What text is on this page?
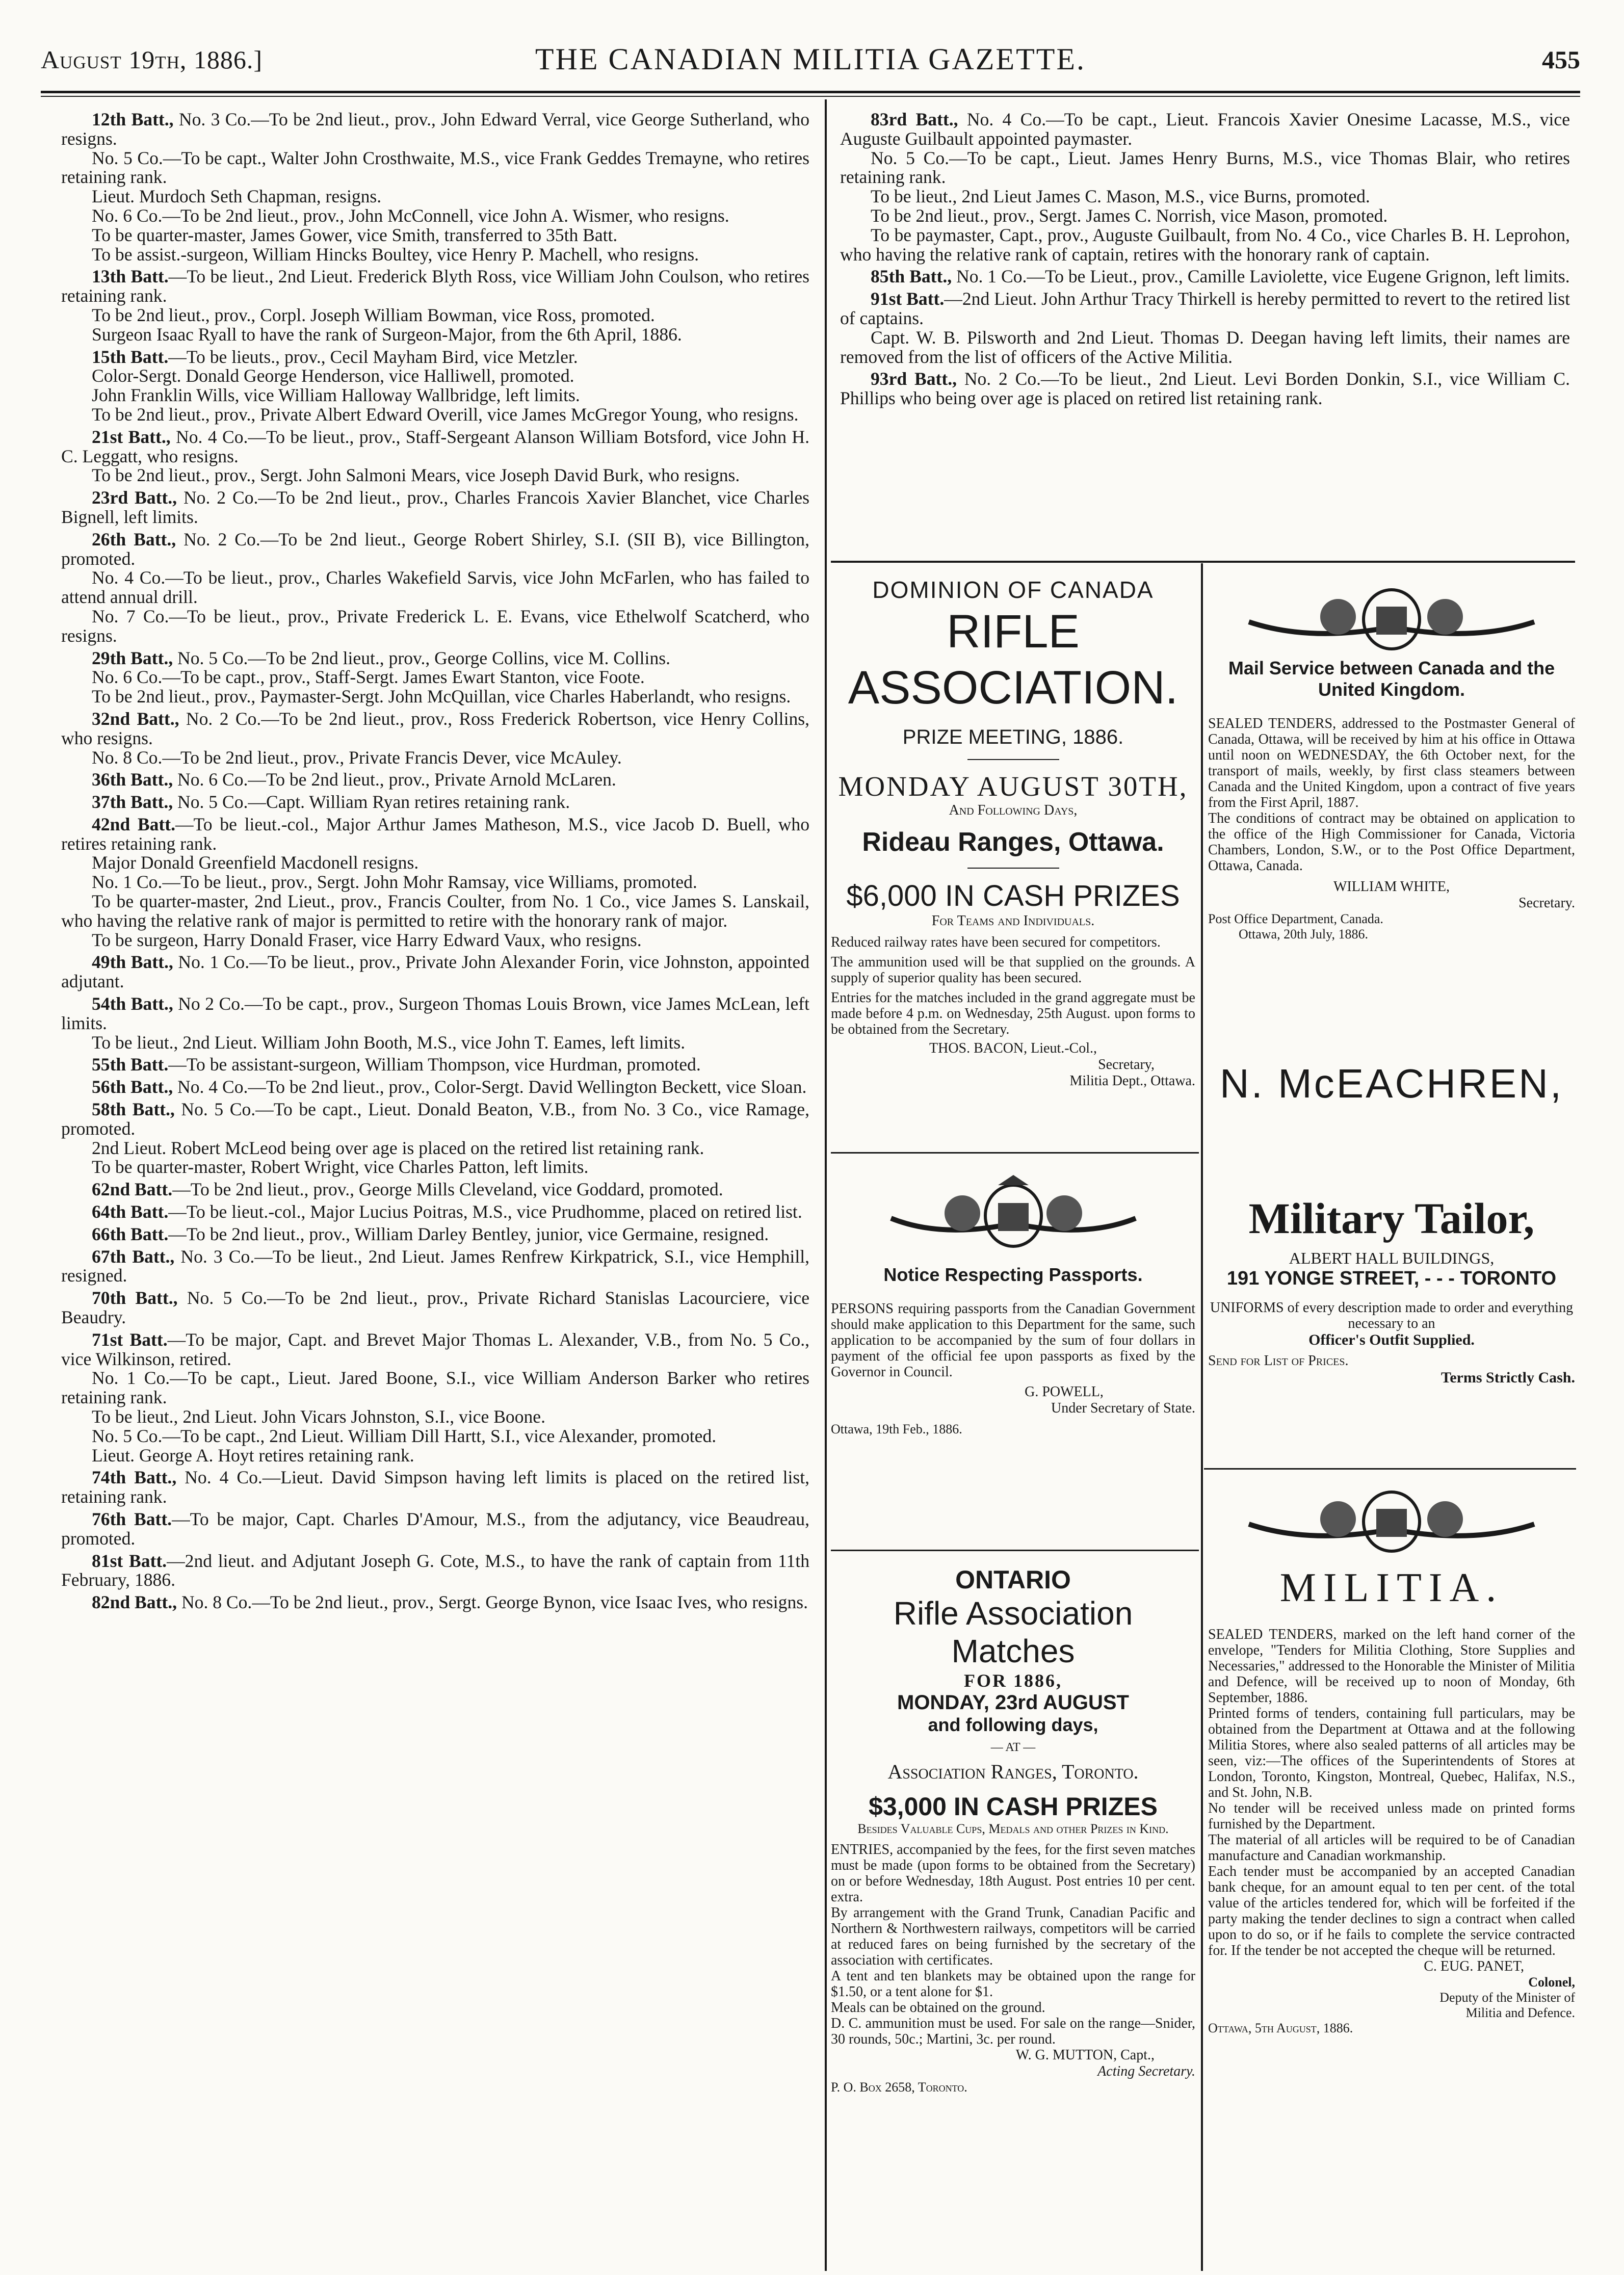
August 19th, 1886.]	THE CANADIAN MILITIA GAZETTE.	455

12th Batt., No. 3 Co.—To be 2nd lieut., prov., John Edward Verral, vice George Sutherland, who resigns.

No. 5 Co.—To be capt., Walter John Crosthwaite, M.S., vice Frank Geddes Tremayne, who retires retaining rank.

Lieut. Murdoch Seth Chapman, resigns.

No. 6 Co.—To be 2nd lieut., prov., John McConnell, vice John A. Wismer, who resigns.

To be quarter-master, James Gower, vice Smith, transferred to 35th Batt.

To be assist.-surgeon, William Hincks Boultey, vice Henry P. Machell, who resigns.

13th Batt.—To be lieut., 2nd Lieut. Frederick Blyth Ross, vice William John Coulson, who retires retaining rank.

To be 2nd lieut., prov., Corpl. Joseph William Bowman, vice Ross, promoted.

Surgeon Isaac Ryall to have the rank of Surgeon-Major, from the 6th April, 1886.

15th Batt.—To be lieuts., prov., Cecil Mayham Bird, vice Metzler.

Color-Sergt. Donald George Henderson, vice Halliwell, promoted.

John Franklin Wills, vice William Halloway Wallbridge, left limits.

To be 2nd lieut., prov., Private Albert Edward Overill, vice James McGregor Young, who resigns.

21st Batt., No. 4 Co.—To be lieut., prov., Staff-Sergeant Alanson William Botsford, vice John H. C. Leggatt, who resigns.

To be 2nd lieut., prov., Sergt. John Salmoni Mears, vice Joseph David Burk, who resigns.

23rd Batt., No. 2 Co.—To be 2nd lieut., prov., Charles Francois Xavier Blanchet, vice Charles Bignell, left limits.

26th Batt., No. 2 Co.—To be 2nd lieut., George Robert Shirley, S.I. (SII B), vice Billington, promoted.

No. 4 Co.—To be lieut., prov., Charles Wakefield Sarvis, vice John McFarlen, who has failed to attend annual drill.

No. 7 Co.—To be lieut., prov., Private Frederick L. E. Evans, vice Ethelwolf Scatcherd, who resigns.

29th Batt., No. 5 Co.—To be 2nd lieut., prov., George Collins, vice M. Collins.

No. 6 Co.—To be capt., prov., Staff-Sergt. James Ewart Stanton, vice Foote.

To be 2nd lieut., prov., Paymaster-Sergt. John McQuillan, vice Charles Haberlandt, who resigns.

32nd Batt., No. 2 Co.—To be 2nd lieut., prov., Ross Frederick Robertson, vice Henry Collins, who resigns.

No. 8 Co.—To be 2nd lieut., prov., Private Francis Dever, vice McAuley.

36th Batt., No. 6 Co.—To be 2nd lieut., prov., Private Arnold McLaren.

37th Batt., No. 5 Co.—Capt. William Ryan retires retaining rank.

42nd Batt.—To be lieut.-col., Major Arthur James Matheson, M.S., vice Jacob D. Buell, who retires retaining rank.

Major Donald Greenfield Macdonell resigns.

No. 1 Co.—To be lieut., prov., Sergt. John Mohr Ramsay, vice Williams, promoted.

To be quarter-master, 2nd Lieut., prov., Francis Coulter, from No. 1 Co., vice James S. Lanskail, who having the relative rank of major is permitted to retire with the honorary rank of major.

To be surgeon, Harry Donald Fraser, vice Harry Edward Vaux, who resigns.

49th Batt., No. 1 Co.—To be lieut., prov., Private John Alexander Forin, vice Johnston, appointed adjutant.

54th Batt., No 2 Co.—To be capt., prov., Surgeon Thomas Louis Brown, vice James McLean, left limits.

To be lieut., 2nd Lieut. William John Booth, M.S., vice John T. Eames, left limits.

55th Batt.—To be assistant-surgeon, William Thompson, vice Hurdman, promoted.

56th Batt., No. 4 Co.—To be 2nd lieut., prov., Color-Sergt. David Wellington Beckett, vice Sloan.

58th Batt., No. 5 Co.—To be capt., Lieut. Donald Beaton, V.B., from No. 3 Co., vice Ramage, promoted.

2nd Lieut. Robert McLeod being over age is placed on the retired list retaining rank.

To be quarter-master, Robert Wright, vice Charles Patton, left limits.

62nd Batt.—To be 2nd lieut., prov., George Mills Cleveland, vice Goddard, promoted.

64th Batt.—To be lieut.-col., Major Lucius Poitras, M.S., vice Prudhomme, placed on retired list.

66th Batt.—To be 2nd lieut., prov., William Darley Bentley, junior, vice Germaine, resigned.

67th Batt., No. 3 Co.—To be lieut., 2nd Lieut. James Renfrew Kirkpatrick, S.I., vice Hemphill, resigned.

70th Batt., No. 5 Co.—To be 2nd lieut., prov., Private Richard Stanislas Lacourciere, vice Beaudry.

71st Batt.—To be major, Capt. and Brevet Major Thomas L. Alexander, V.B., from No. 5 Co., vice Wilkinson, retired.

No. 1 Co.—To be capt., Lieut. Jared Boone, S.I., vice William Anderson Barker who retires retaining rank.

To be lieut., 2nd Lieut. John Vicars Johnston, S.I., vice Boone.

No. 5 Co.—To be capt., 2nd Lieut. William Dill Hartt, S.I., vice Alexander, promoted.

Lieut. George A. Hoyt retires retaining rank.

74th Batt., No. 4 Co.—Lieut. David Simpson having left limits is placed on the retired list, retaining rank.

76th Batt.—To be major, Capt. Charles D'Amour, M.S., from the adjutancy, vice Beaudreau, promoted.

81st Batt.—2nd lieut. and Adjutant Joseph G. Cote, M.S., to have the rank of captain from 11th February, 1886.

82nd Batt., No. 8 Co.—To be 2nd lieut., prov., Sergt. George Bynon, vice Isaac Ives, who resigns.

83rd Batt., No. 4 Co.—To be capt., Lieut. Francois Xavier Onesime Lacasse, M.S., vice Auguste Guilbault appointed paymaster.

No. 5 Co.—To be capt., Lieut. James Henry Burns, M.S., vice Thomas Blair, who retires retaining rank.

To be lieut., 2nd Lieut James C. Mason, M.S., vice Burns, promoted.

To be 2nd lieut., prov., Sergt. James C. Norrish, vice Mason, promoted.

To be paymaster, Capt., prov., Auguste Guilbault, from No. 4 Co., vice Charles B. H. Leprohon, who having the relative rank of captain, retires with the honorary rank of captain.

85th Batt., No. 1 Co.—To be Lieut., prov., Camille Laviolette, vice Eugene Grignon, left limits.

91st Batt.—2nd Lieut. John Arthur Tracy Thirkell is hereby permitted to revert to the retired list of captains.

Capt. W. B. Pilsworth and 2nd Lieut. Thomas D. Deegan having left limits, their names are removed from the list of officers of the Active Militia.

93rd Batt., No. 2 Co.—To be lieut., 2nd Lieut. Levi Borden Donkin, S.I., vice William C. Phillips who being over age is placed on retired list retaining rank.

DOMINION OF CANADA
RIFLE ASSOCIATION.
PRIZE MEETING, 1886.
MONDAY AUGUST 30TH,
And Following Days,
Rideau Ranges, Ottawa.
$6,000 IN CASH PRIZES
For Teams and Individuals.
Reduced railway rates have been secured for competitors.
The ammunition used will be that supplied on the grounds. A supply of superior quality has been secured.
Entries for the matches included in the grand aggregate must be made before 4 p.m. on Wednesday, 25th August. upon forms to be obtained from the Secretary.
THOS. BACON, Lieut.-Col.,
Secretary,
Militia Dept., Ottawa.
Notice Respecting Passports.
PERSONS requiring passports from the Canadian Government should make application to this Department for the same, such application to be accompanied by the sum of four dollars in payment of the official fee upon passports as fixed by the Governor in Council.
G. POWELL,
Under Secretary of State.
Ottawa, 19th Feb., 1886.
ONTARIO
Rifle Association Matches
FOR 1886,
MONDAY, 23rd AUGUST
and following days,
— AT —
Association Ranges, Toronto.
$3,000 IN CASH PRIZES
Besides Valuable Cups, Medals and other Prizes in Kind.
ENTRIES, accompanied by the fees, for the first seven matches must be made (upon forms to be obtained from the Secretary) on or before Wednesday, 18th August. Post entries 10 per cent. extra.
By arrangement with the Grand Trunk, Canadian Pacific and Northern & Northwestern railways, competitors will be carried at reduced fares on being furnished by the secretary of the association with certificates.
A tent and ten blankets may be obtained upon the range for $1.50, or a tent alone for $1.
Meals can be obtained on the ground.
D. C. ammunition must be used. For sale on the range—Snider, 30 rounds, 50c.; Martini, 3c. per round.
W. G. MUTTON, Capt.,
Acting Secretary.
P. O. Box 2658, Toronto.
Mail Service between Canada and the United Kingdom.
SEALED TENDERS, addressed to the Postmaster General of Canada, Ottawa, will be received by him at his office in Ottawa until noon on WEDNESDAY, the 6th October next, for the transport of mails, weekly, by first class steamers between Canada and the United Kingdom, upon a contract of five years from the First April, 1887.
The conditions of contract may be obtained on application to the office of the High Commissioner for Canada, Victoria Chambers, London, S.W., or to the Post Office Department, Ottawa, Canada.
WILLIAM WHITE,
Secretary.
Post Office Department, Canada.
Ottawa, 20th July, 1886.
N. McEACHREN,
Military Tailor,
ALBERT HALL BUILDINGS,
191 YONGE STREET, - - - TORONTO
UNIFORMS of every description made to order and everything necessary to an
Officer's Outfit Supplied.
Send for List of Prices.
Terms Strictly Cash.
MILITIA.
SEALED TENDERS, marked on the left hand corner of the envelope, "Tenders for Militia Clothing, Store Supplies and Necessaries," addressed to the Honorable the Minister of Militia and Defence, will be received up to noon of Monday, 6th September, 1886.
Printed forms of tenders, containing full particulars, may be obtained from the Department at Ottawa and at the following Militia Stores, where also sealed patterns of all articles may be seen, viz:—The offices of the Superintendents of Stores at London, Toronto, Kingston, Montreal, Quebec, Halifax, N.S., and St. John, N.B.
No tender will be received unless made on printed forms furnished by the Department.
The material of all articles will be required to be of Canadian manufacture and Canadian workmanship.
Each tender must be accompanied by an accepted Canadian bank cheque, for an amount equal to ten per cent. of the total value of the articles tendered for, which will be forfeited if the party making the tender declines to sign a contract when called upon to do so, or if he fails to complete the service contracted for. If the tender be not accepted the cheque will be returned.
C. EUG. PANET,
Colonel,
Deputy of the Minister of
Militia and Defence.
Ottawa, 5th August, 1886.
